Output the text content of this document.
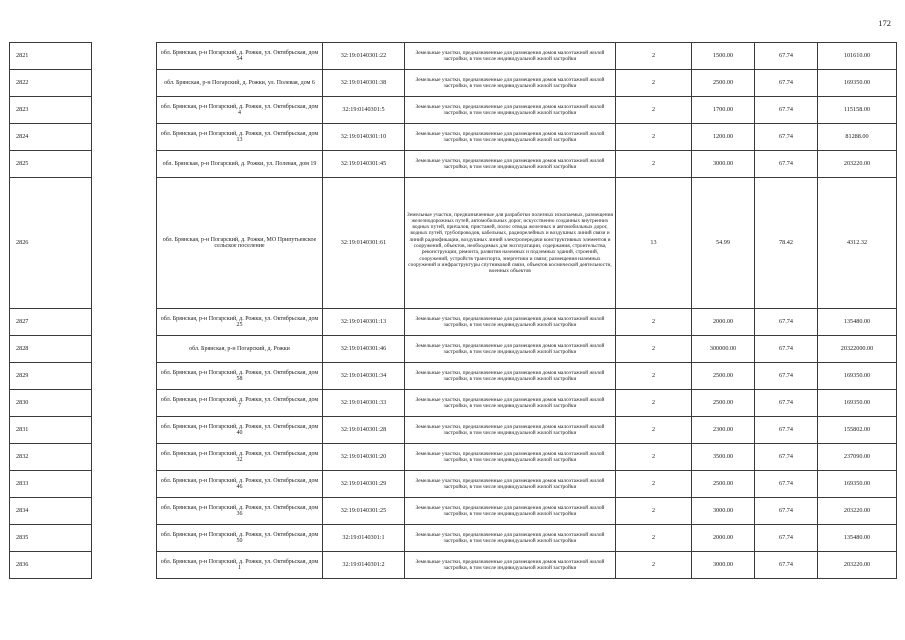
172
2821		обл. Брянская, р-н Погарский, д. Рожки, ул. Октябрьская, дом 54	32:19:0140301:22	Земельные участки, предназначенные для размещения домов малоэтажной жилой застройки, в том числе индивидуальной жилой застройки	2	1500.00	67.74	101610.00
2822		обл. Брянская, р-н Погарский, д. Рожки, ул. Полевая, дом 6	32:19:0140301:38	Земельные участки, предназначенные для размещения домов малоэтажной жилой застройки, в том числе индивидуальной жилой застройки	2	2500.00	67.74	169350.00
2823		обл. Брянская, р-н Погарский, д. Рожки, ул. Октябрьская, дом 4	32:19:0140301:5	Земельные участки, предназначенные для размещения домов малоэтажной жилой застройки, в том числе индивидуальной жилой застройки	2	1700.00	67.74	115158.00
2824		обл. Брянская, р-н Погарский, д. Рожки, ул. Октябрьская, дом 13	32:19:0140301:10	Земельные участки, предназначенные для размещения домов малоэтажной жилой застройки, в том числе индивидуальной жилой застройки	2	1200.00	67.74	81288.00
2825		обл. Брянская, р-н Погарский, д. Рожки, ул. Полевая, дом 19	32:19:0140301:45	Земельные участки, предназначенные для размещения домов малоэтажной жилой застройки, в том числе индивидуальной жилой застройки	2	3000.00	67.74	203220.00
2826		обл. Брянская, р-н Погарский, д. Рожки, МО Припутьевское сельское поселение	32:19:0140301:61	Земельные участки, предназначенные для разработки полезных ископаемых, размещения железнодорожных путей, автомобильных дорог, искусственно созданных внутренних водных путей, причалов, пристаней, полос отвода железных и автомобильных дорог, водных путей, трубопроводов, кабельных, радиорелейных и воздушных линий связи и линий радиофикации, воздушных линий электропередачи конструктивных элементов и сооружений, объектов, необходимых для эксплуатации, содержания, строительства, реконструкции, ремонта, развития наземных и подземных зданий, строений, сооружений, устройств транспорта, энергетики и связи; размещения наземных сооружений и инфраструктуры спутниковой связи, объектов космической деятельности, военных объектов	13	54.99	78.42	4312.32
2827		обл. Брянская, р-н Погарский, д. Рожки, ул. Октябрьская, дом 25	32:19:0140301:13	Земельные участки, предназначенные для размещения домов малоэтажной жилой застройки, в том числе индивидуальной жилой застройки	2	2000.00	67.74	135480.00
2828		обл. Брянская, р-н Погарский, д. Рожки	32:19:0140301:46	Земельные участки, предназначенные для размещения домов малоэтажной жилой застройки, в том числе индивидуальной жилой застройки	2	300000.00	67.74	20322000.00
2829		обл. Брянская, р-н Погарский, д. Рожки, ул. Октябрьская, дом 58	32:19:0140301:34	Земельные участки, предназначенные для размещения домов малоэтажной жилой застройки, в том числе индивидуальной жилой застройки	2	2500.00	67.74	169350.00
2830		обл. Брянская, р-н Погарский, д. Рожки, ул. Октябрьская, дом 7	32:19:0140301:33	Земельные участки, предназначенные для размещения домов малоэтажной жилой застройки, в том числе индивидуальной жилой застройки	2	2500.00	67.74	169350.00
2831		обл. Брянская, р-н Погарский, д. Рожки, ул. Октябрьская, дом 40	32:19:0140301:28	Земельные участки, предназначенные для размещения домов малоэтажной жилой застройки, в том числе индивидуальной жилой застройки	2	2300.00	67.74	155802.00
2832		обл. Брянская, р-н Погарский, д. Рожки, ул. Октябрьская, дом 32	32:19:0140301:20	Земельные участки, предназначенные для размещения домов малоэтажной жилой застройки, в том числе индивидуальной жилой застройки	2	3500.00	67.74	237090.00
2833		обл. Брянская, р-н Погарский, д. Рожки, ул. Октябрьская, дом 46	32:19:0140301:29	Земельные участки, предназначенные для размещения домов малоэтажной жилой застройки, в том числе индивидуальной жилой застройки	2	2500.00	67.74	169350.00
2834		обл. Брянская, р-н Погарский, д. Рожки, ул. Октябрьская, дом 36	32:19:0140301:25	Земельные участки, предназначенные для размещения домов малоэтажной жилой застройки, в том числе индивидуальной жилой застройки	2	3000.00	67.74	203220.00
2835		обл. Брянская, р-н Погарский, д. Рожки, ул. Октябрьская, дом 50	32:19:0140301:1	Земельные участки, предназначенные для размещения домов малоэтажной жилой застройки, в том числе индивидуальной жилой застройки	2	2000.00	67.74	135480.00
2836		обл. Брянская, р-н Погарский, д. Рожки, ул. Октябрьская, дом 1	32:19:0140301:2	Земельные участки, предназначенные для размещения домов малоэтажной жилой застройки, в том числе индивидуальной жилой застройки	2	3000.00	67.74	203220.00
